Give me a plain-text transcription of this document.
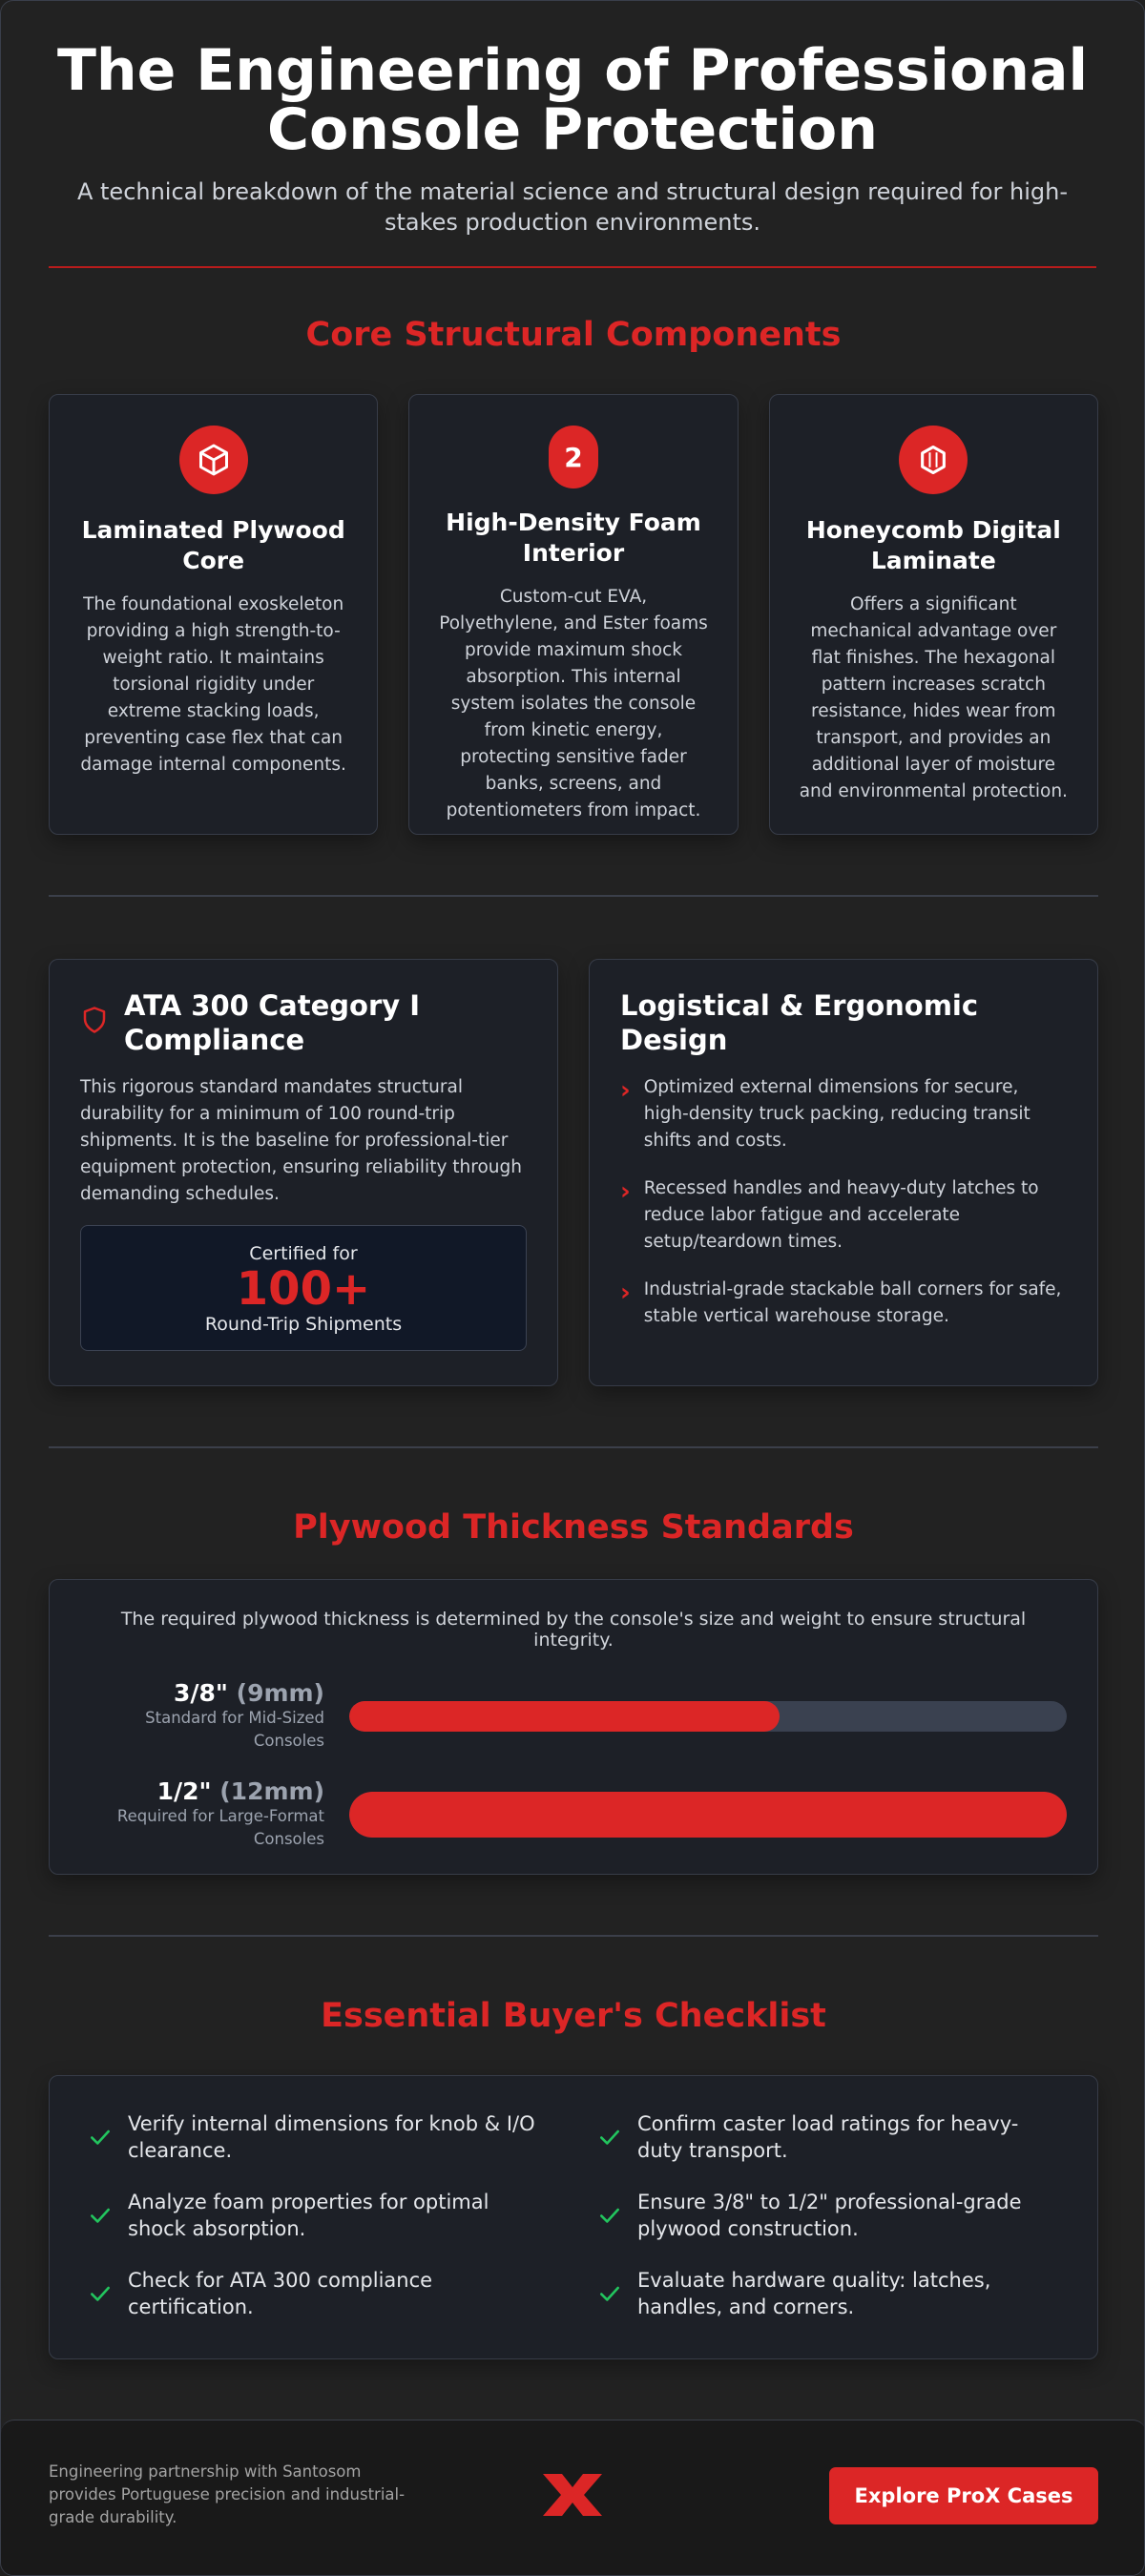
The Engineering of Professional Console Protection

A technical breakdown of the material science and structural design required for high-stakes production environments.

Core Structural Components
Laminated Plywood Core

The foundational exoskeleton providing a high strength-to-weight ratio. It maintains torsional rigidity under extreme stacking loads, preventing case flex that can damage internal components.

2
High-Density Foam Interior

Custom-cut EVA, Polyethylene, and Ester foams provide maximum shock absorption. This internal system isolates the console from kinetic energy, protecting sensitive fader banks, screens, and potentiometers from impact.

Honeycomb Digital Laminate

Offers a significant mechanical advantage over flat finishes. The hexagonal pattern increases scratch resistance, hides wear from transport, and provides an additional layer of moisture and environmental protection.

ATA 300 Category I Compliance

This rigorous standard mandates structural durability for a minimum of 100 round-trip shipments. It is the baseline for professional-tier equipment protection, ensuring reliability through demanding schedules.

Certified for
100+
Round-Trip Shipments
Logistical & Ergonomic Design
› Optimized external dimensions for secure, high-density truck packing, reducing transit shifts and costs.
› Recessed handles and heavy-duty latches to reduce labor fatigue and accelerate setup/teardown times.
› Industrial-grade stackable ball corners for safe, stable vertical warehouse storage.
Plywood Thickness Standards

The required plywood thickness is determined by the console's size and weight to ensure structural integrity.

3/8" (9mm)
Standard for Mid-Sized Consoles
1/2" (12mm)
Required for Large-Format Consoles
Essential Buyer's Checklist
Verify internal dimensions for knob & I/O clearance.
Confirm caster load ratings for heavy-duty transport.
Analyze foam properties for optimal shock absorption.
Ensure 3/8" to 1/2" professional-grade plywood construction.
Check for ATA 300 compliance certification.
Evaluate hardware quality: latches, handles, and corners.

Engineering partnership with Santosom provides Portuguese precision and industrial-grade durability.

Explore ProX Cases
